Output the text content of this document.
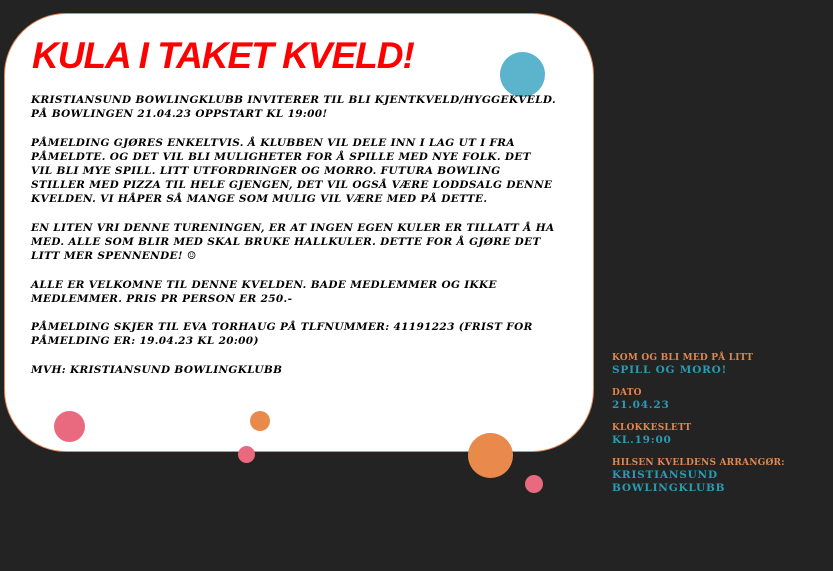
KULA I TAKET KVELD!

KRISTIANSUND BOWLINGKLUBB INVITERER TIL BLI KJENTKVELD/HYGGEKVELD. PÅ BOWLINGEN 21.04.23 OPPSTART KL 19:00!

PÅMELDING GJØRES ENKELTVIS. Å KLUBBEN VIL DELE INN I LAG UT I FRA PÅMELDTE. OG DET VIL BLI MULIGHETER FOR Å SPILLE MED NYE FOLK. DET VIL BLI MYE SPILL. LITT UTFORDRINGER OG MORRO. FUTURA BOWLING STILLER MED PIZZA TIL HELE GJENGEN, DET VIL OGSÅ VÆRE LODDSALG DENNE KVELDEN. VI HÅPER SÅ MANGE SOM MULIG VIL VÆRE MED PÅ DETTE.

EN LITEN VRI DENNE TURENINGEN, ER AT INGEN EGEN KULER ER TILLATT Å HA MED. ALLE SOM BLIR MED SKAL BRUKE HALLKULER. DETTE FOR Å GJØRE DET LITT MER SPENNENDE! ☺

ALLE ER VELKOMNE TIL DENNE KVELDEN. BADE MEDLEMMER OG IKKE MEDLEMMER. PRIS PR PERSON ER 250.-

PÅMELDING SKJER TIL EVA TORHAUG PÅ TLFNUMMER: 41191223 (FRIST FOR PÅMELDING ER: 19.04.23 KL 20:00)

MVH: KRISTIANSUND BOWLINGKLUBB

KOM OG BLI MED PÅ LITT
SPILL OG MORO!
DATO
21.04.23
KLOKKESLETT
KL.19:00
HILSEN KVELDENS ARRANGØR:
KRISTIANSUND BOWLINGKLUBB
